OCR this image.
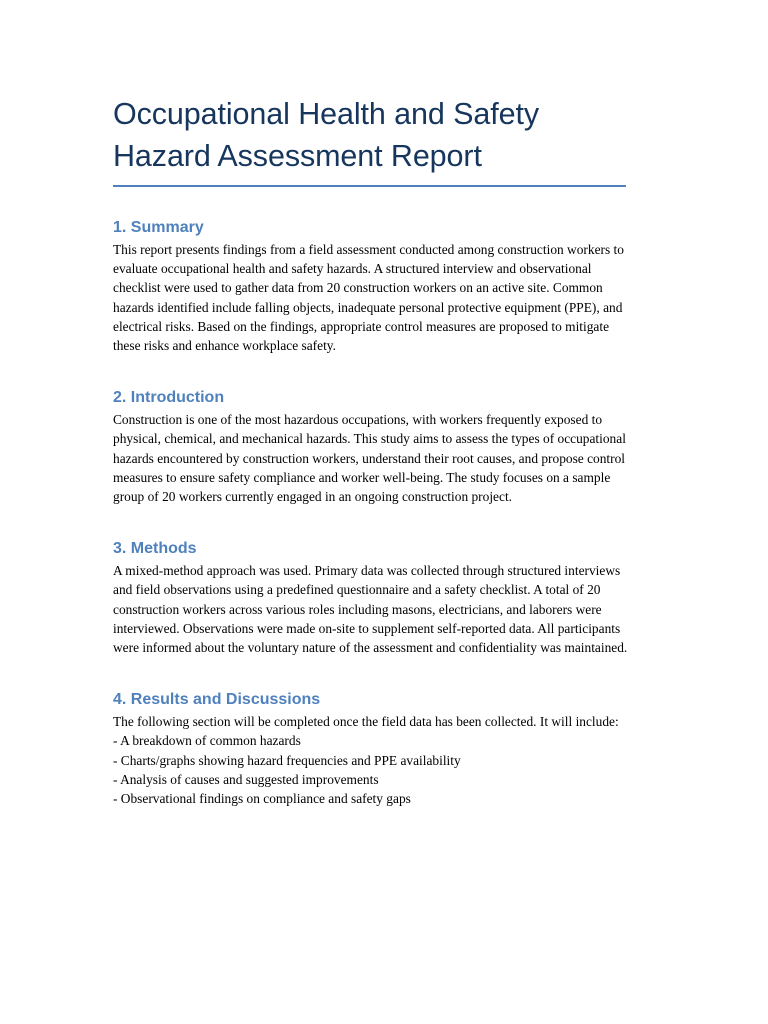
Occupational Health and Safety Hazard Assessment Report
1. Summary

This report presents findings from a field assessment conducted among construction workers to evaluate occupational health and safety hazards. A structured interview and observational checklist were used to gather data from 20 construction workers on an active site. Common hazards identified include falling objects, inadequate personal protective equipment (PPE), and electrical risks. Based on the findings, appropriate control measures are proposed to mitigate these risks and enhance workplace safety.

2. Introduction

Construction is one of the most hazardous occupations, with workers frequently exposed to physical, chemical, and mechanical hazards. This study aims to assess the types of occupational hazards encountered by construction workers, understand their root causes, and propose control measures to ensure safety compliance and worker well-being. The study focuses on a sample group of 20 workers currently engaged in an ongoing construction project.

3. Methods

A mixed-method approach was used. Primary data was collected through structured interviews and field observations using a predefined questionnaire and a safety checklist. A total of 20 construction workers across various roles including masons, electricians, and laborers were interviewed. Observations were made on-site to supplement self-reported data. All participants were informed about the voluntary nature of the assessment and confidentiality was maintained.

4. Results and Discussions

The following section will be completed once the field data has been collected. It will include:

- A breakdown of common hazards
- Charts/graphs showing hazard frequencies and PPE availability
- Analysis of causes and suggested improvements
- Observational findings on compliance and safety gaps
